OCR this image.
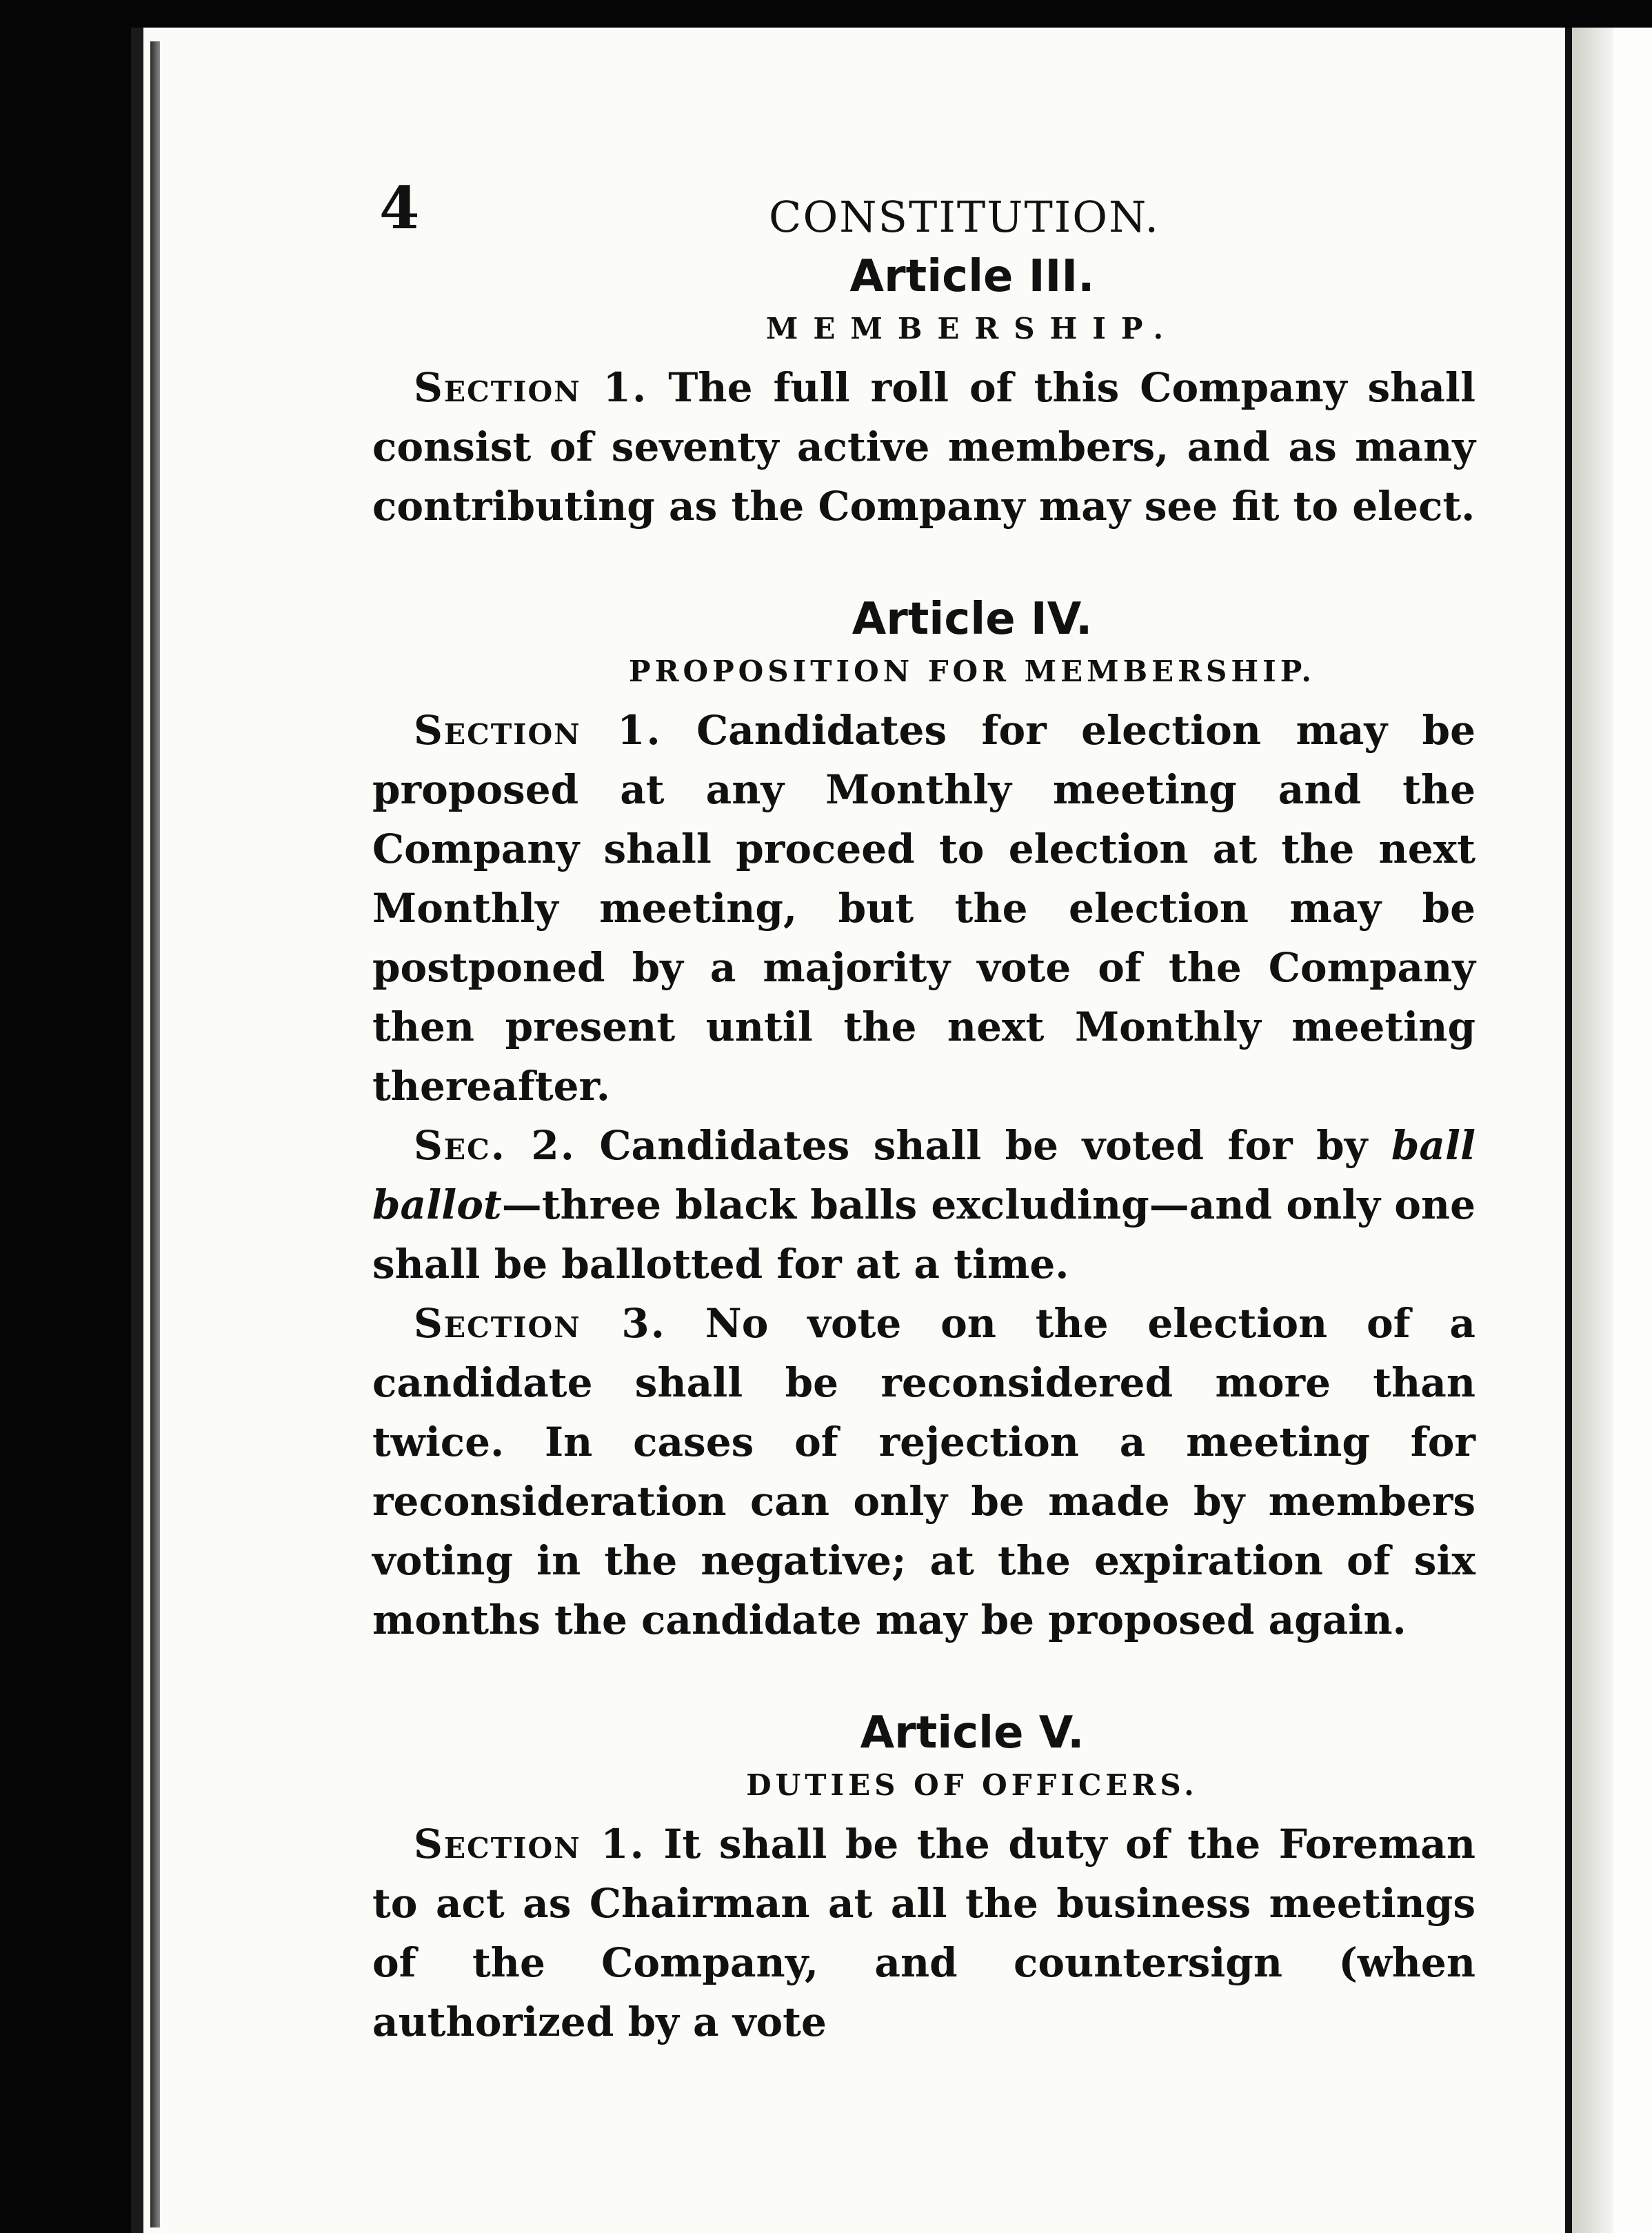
4	CONSTITUTION.
Article III.
MEMBERSHIP.

Section 1. The full roll of this Company shall consist of seventy active members, and as many contributing as the Company may see fit to elect.

Article IV.
PROPOSITION FOR MEMBERSHIP.

Section 1. Candidates for election may be proposed at any Monthly meeting and the Company shall proceed to election at the next Monthly meeting, but the election may be postponed by a majority vote of the Company then present until the next Monthly meeting thereafter.

Sec. 2. Candidates shall be voted for by ball ballot—three black balls excluding—and only one shall be ballotted for at a time.

Section 3. No vote on the election of a candidate shall be reconsidered more than twice. In cases of rejection a meeting for reconsideration can only be made by members voting in the negative; at the expiration of six months the candidate may be proposed again.

Article V.
DUTIES OF OFFICERS.

Section 1. It shall be the duty of the Foreman to act as Chairman at all the business meetings of the Company, and countersign (when authorized by a vote
